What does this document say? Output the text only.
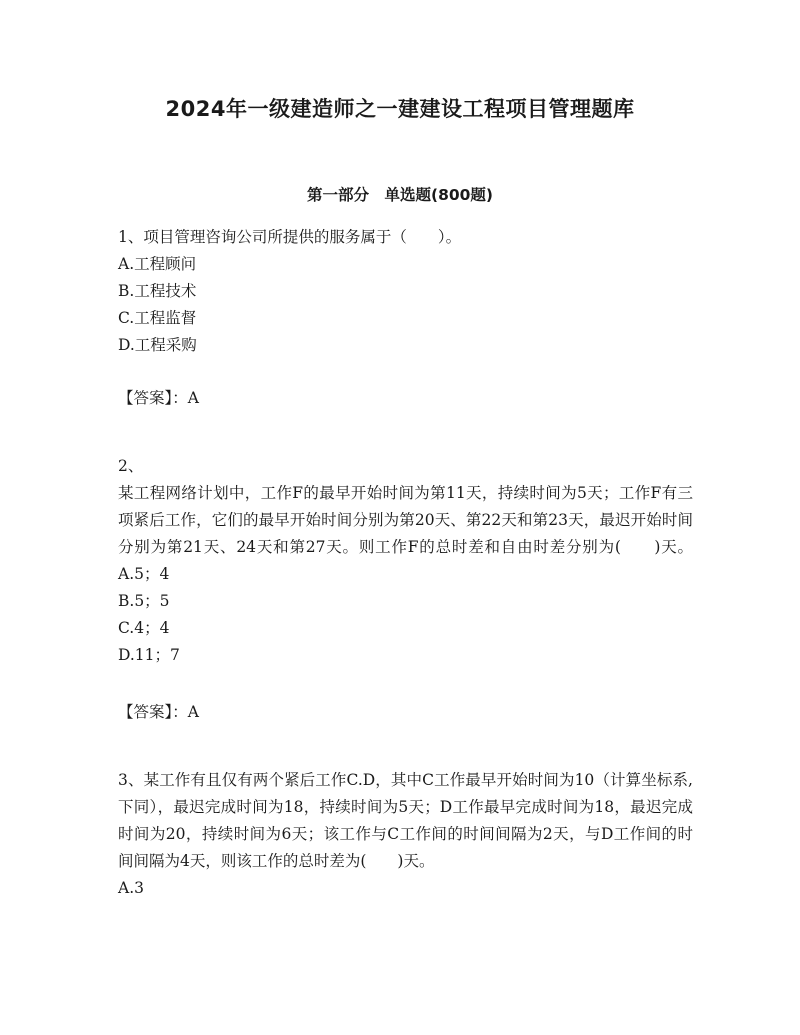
2024年一级建造师之一建建设工程项目管理题库
第一部分　单选题(800题)
1、项目管理咨询公司所提供的服务属于（　　）。
A.工程顾问
B.工程技术
C.工程监督
D.工程采购
【答案】：A
2、
某工程网络计划中，工作F的最早开始时间为第11天，持续时间为5天；工作F有三项紧后工作，它们的最早开始时间分别为第20天、第22天和第23天，最迟开始时间分别为第21天、24天和第27天。则工作F的总时差和自由时差分别为(　　)天。A.5；4
B.5；5
C.4；4
D.11；7
【答案】：A
3、某工作有且仅有两个紧后工作C.D，其中C工作最早开始时间为10（计算坐标系,下同），最迟完成时间为18，持续时间为5天；D工作最早完成时间为18，最迟完成时间为20，持续时间为6天；该工作与C工作间的时间间隔为2天，与D工作间的时间间隔为4天，则该工作的总时差为(　　)天。
A.3
